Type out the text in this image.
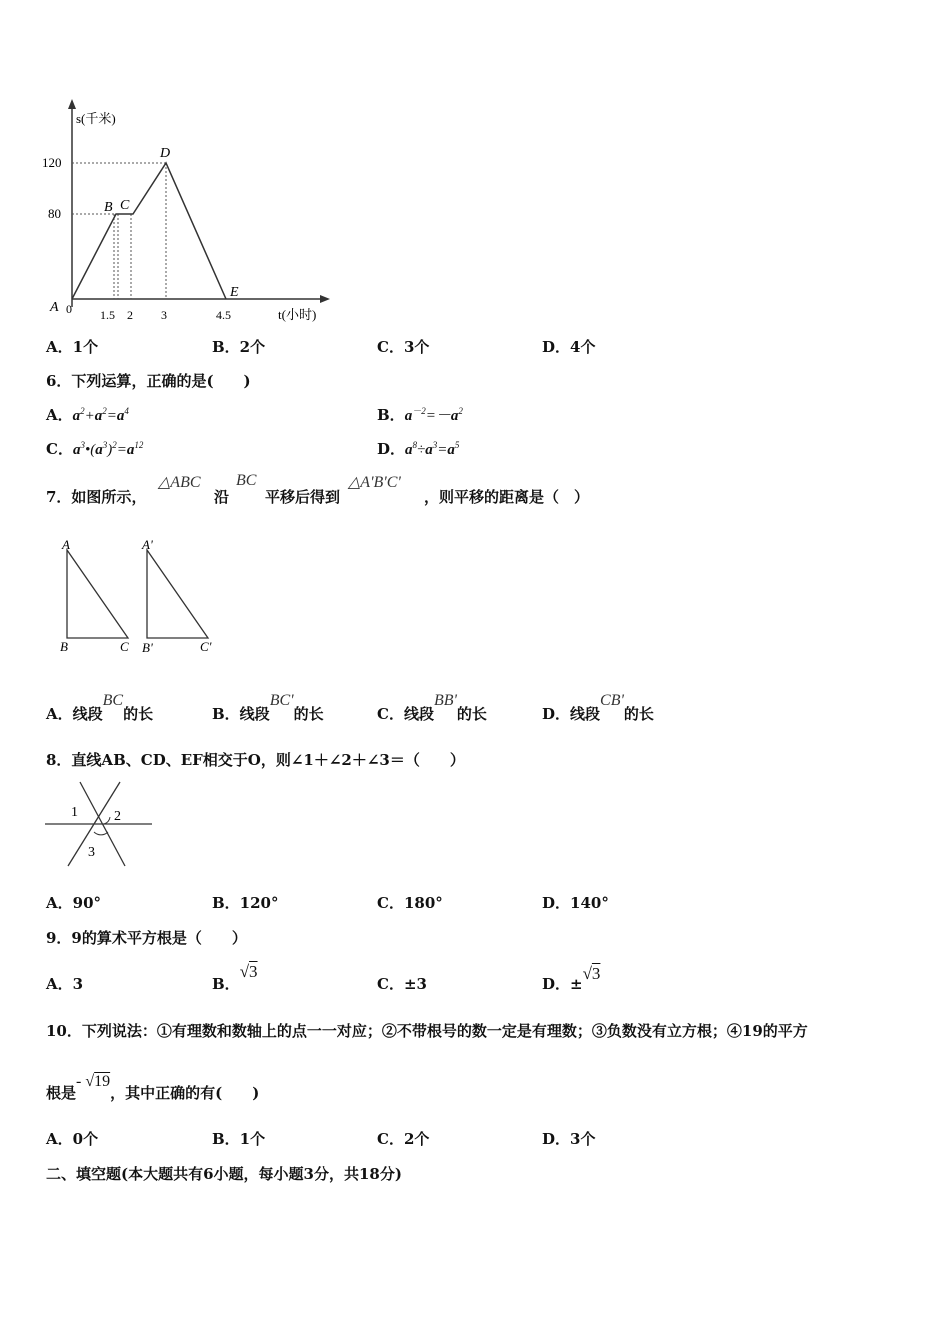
s(千米)
120
80
A 0
B C
D
E
1.5 2 3	4.5	t(小时)
A．1个	B．2个	C．3个	D．4个
6．下列运算，正确的是(　　)
A．$a^2+a^2=a^4$	B．$a^{-2}=-a^2$
C．$a^3•(a^3)^2=a^{12}$	D．$a^8\div a^3=a^5$
7．如图所示，
△ABC
沿
BC
平移后得到
△A'B'C'
，则平移的距离是（　）
A
B	C
A'
B'	C'
A．线段BC的长	B．线段BC'的长	C．线段BB'的长	D．线段CB'的长
8．直线AB、CD、EF相交于O，则∠1＋∠2＋∠3＝（　　）
1	2
3
A．90°	B．120°	C．180°	D．140°
9．9的算术平方根是（　　）
A．3	B．√3
C．±3	D．±√3
10．下列说法：①有理数和数轴上的点一一对应；②不带根号的数一定是有理数；③负数没有立方根；④19的平方
根是- √19，其中正确的有(　　)
A．0个	B．1个	C．2个	D．3个
二、填空题(本大题共有6小题，每小题3分，共18分)
